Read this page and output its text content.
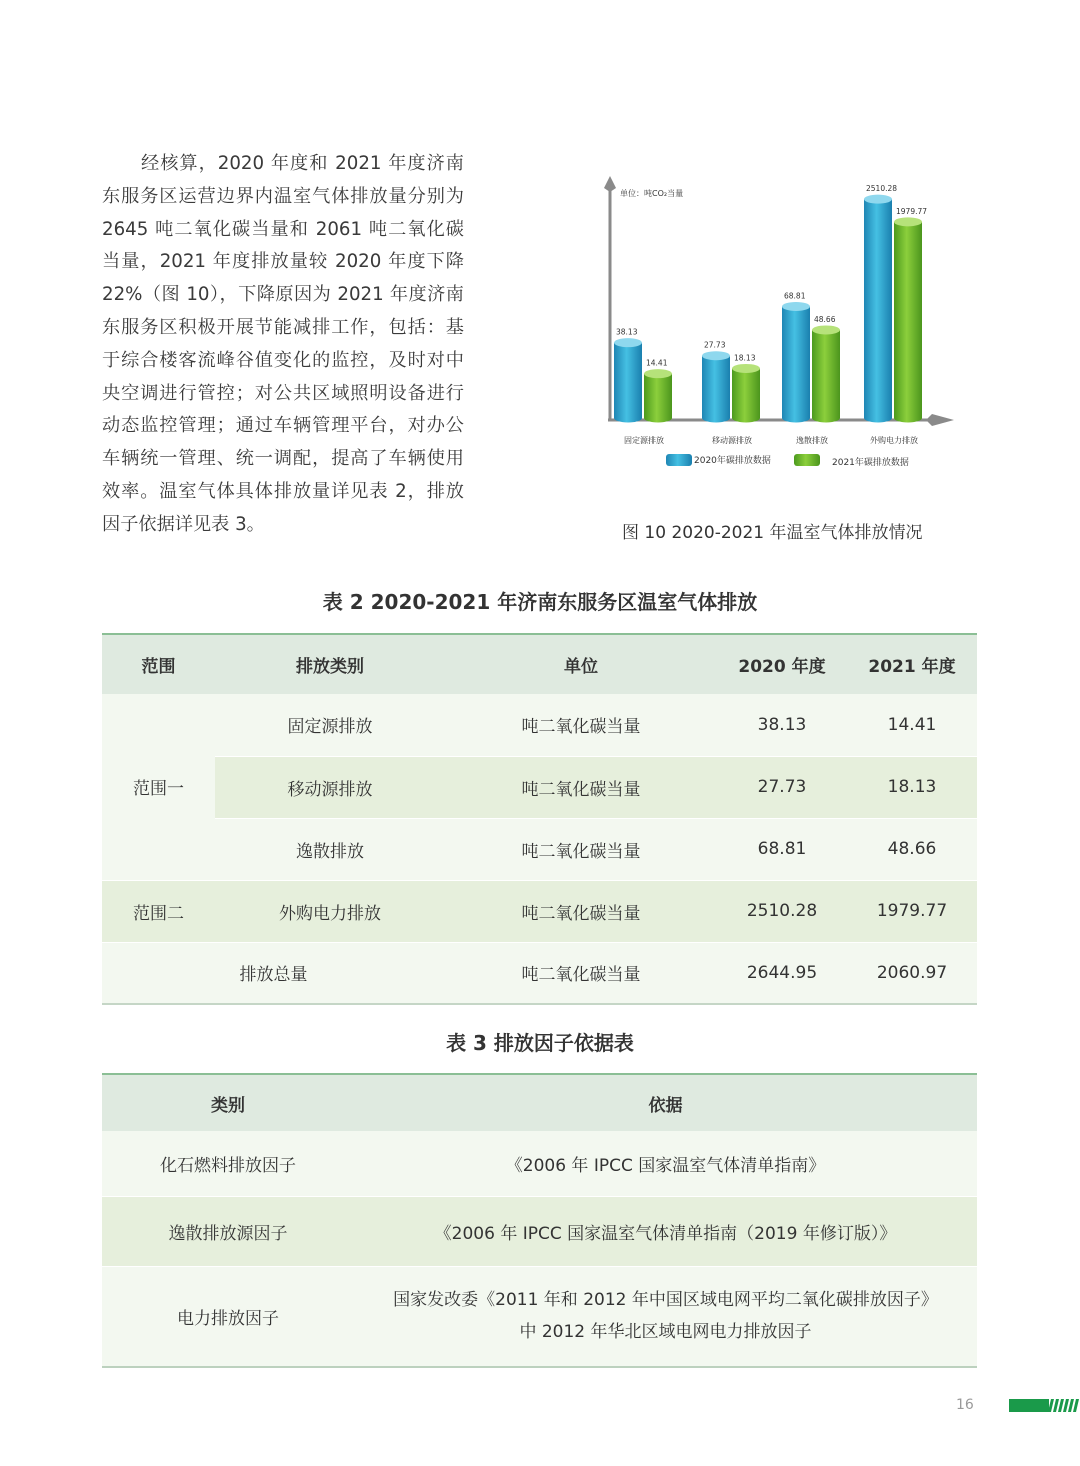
经核算，2020 年度和 2021 年度济南东服务区运营边界内温室气体排放量分别为 2645 吨二氧化碳当量和 2061 吨二氧化碳当量，2021 年度排放量较 2020 年度下降 22%（图 10），下降原因为 2021 年度济南东服务区积极开展节能减排工作，包括：基于综合楼客流峰谷值变化的监控，及时对中央空调进行管控；对公共区域照明设备进行动态监控管理；通过车辆管理平台，对办公车辆统一管理、统一调配，提高了车辆使用效率。温室气体具体排放量详见表 2，排放因子依据详见表 3。

单位：吨CO₂当量
38.13
14.41
27.73
18.13
68.81
48.66
2510.28
1979.77
固定源排放	移动源排放	逸散排放	外购电力排放
2020年碳排放数据	2021年碳排放数据
图 10 2020-2021 年温室气体排放情况
表 2 2020-2021 年济南东服务区温室气体排放
范围	排放类别	单位	2020 年度	2021 年度
范围一	固定源排放	吨二氧化碳当量	38.13	14.41
	移动源排放	吨二氧化碳当量	27.73	18.13
	逸散排放	吨二氧化碳当量	68.81	48.66
范围二	外购电力排放	吨二氧化碳当量	2510.28	1979.77
排放总量		吨二氧化碳当量	2644.95	2060.97
表 3 排放因子依据表
类别	依据
化石燃料排放因子	《2006 年 IPCC 国家温室气体清单指南》
逸散排放源因子	《2006 年 IPCC 国家温室气体清单指南（2019 年修订版）》
电力排放因子	国家发改委《2011 年和 2012 年中国区域电网平均二氧化碳排放因子》
中 2012 年华北区域电网电力排放因子
16
